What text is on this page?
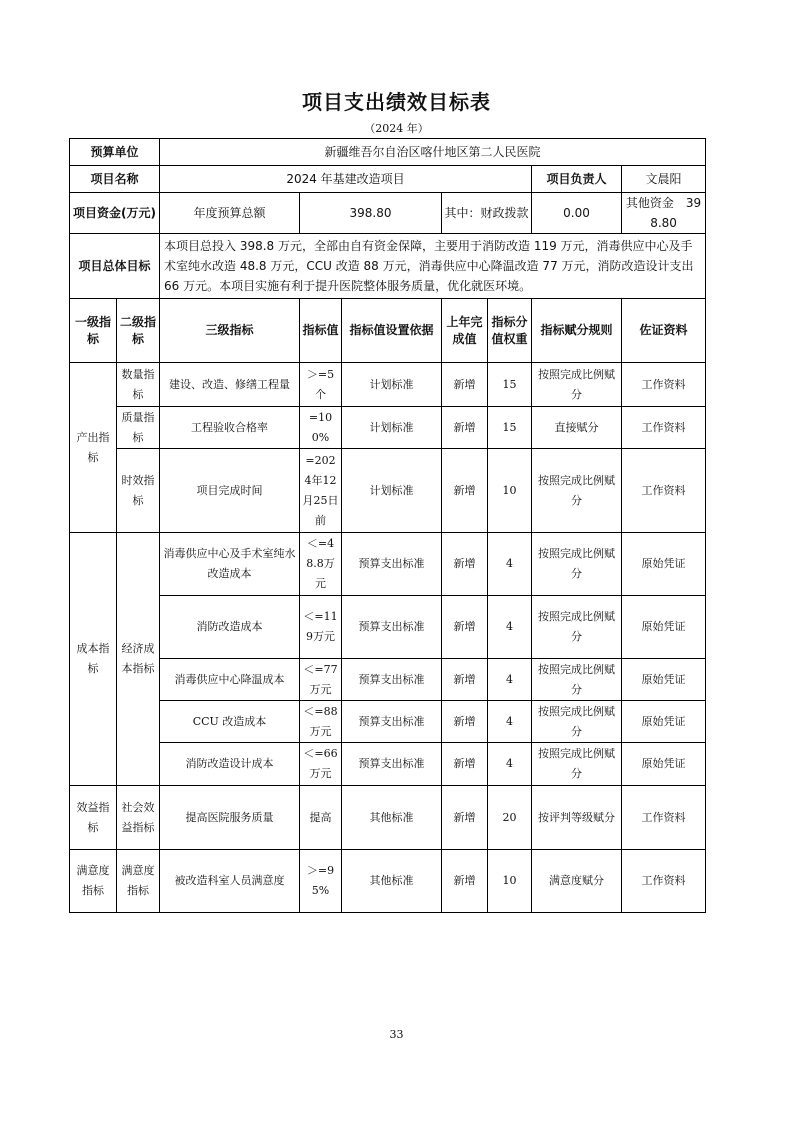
项目支出绩效目标表
（2024 年）
预算单位		新疆维吾尔自治区喀什地区第二人民医院						
项目名称		2024 年基建改造项目					项目负责人	文晨阳
项目资金(万元)		年度预算总额	398.80		其中：财政拨款		0.00	其他资金　 398.80
项目总体目标		本项目总投入 398.8 万元，全部由自有资金保障，主要用于消防改造 119 万元，消毒供应中心及手术室纯水改造 48.8 万元，CCU 改造 88 万元，消毒供应中心降温改造 77 万元，消防改造设计支出 66 万元。本项目实施有利于提升医院整体服务质量，优化就医环境。						
一级指标	二级指标	三级指标	指标值	指标值设置依据	上年完成值	指标分值权重	指标赋分规则	佐证资料
产出指标	数量指标	建设、改造、修缮工程量	＞=5个	计划标准	新增	15	按照完成比例赋分	工作资料
	质量指标	工程验收合格率	=100%	计划标准	新增	15	直接赋分	工作资料
	时效指标	项目完成时间	=2024年12月25日前	计划标准	新增	10	按照完成比例赋分	工作资料
成本指标	经济成本指标	消毒供应中心及手术室纯水改造成本	＜=48.8万元	预算支出标准	新增	4	按照完成比例赋分	原始凭证
		消防改造成本	＜=119万元	预算支出标准	新增	4	按照完成比例赋分	原始凭证
		消毒供应中心降温成本	＜=77万元	预算支出标准	新增	4	按照完成比例赋分	原始凭证
		CCU 改造成本	＜=88万元	预算支出标准	新增	4	按照完成比例赋分	原始凭证
		消防改造设计成本	＜=66万元	预算支出标准	新增	4	按照完成比例赋分	原始凭证
效益指标	社会效益指标	提高医院服务质量	提高	其他标准	新增	20	按评判等级赋分	工作资料
满意度指标	满意度指标	被改造科室人员满意度	＞=95%	其他标准	新增	10	满意度赋分	工作资料
33
